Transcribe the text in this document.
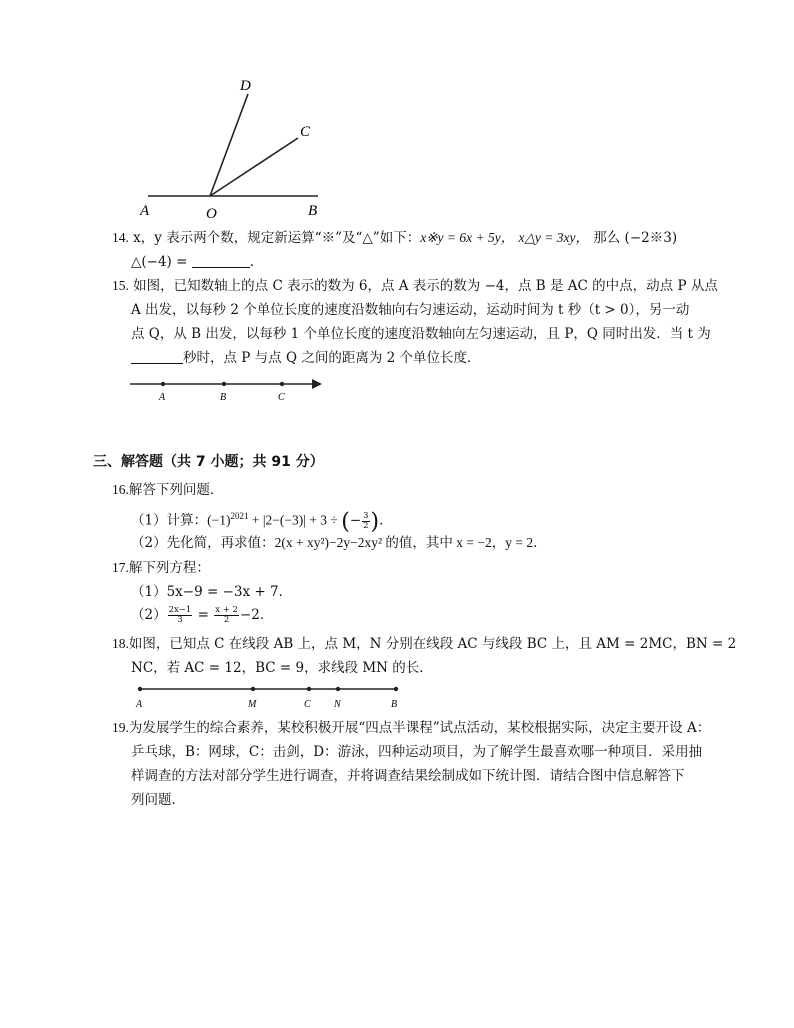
D
C
A	O	B
14. x，y 表示两个数，规定新运算“※”及“△”如下：x※y = 6x + 5y， x△y = 3xy， 那么 (−2※3)
△(−4) =	.
15. 如图，已知数轴上的点 C 表示的数为 6，点 A 表示的数为 −4，点 B 是 AC 的中点，动点 P 从点
A 出发，以每秒 2 个单位长度的速度沿数轴向右匀速运动，运动时间为 t 秒（t > 0），另一动
点 Q，从 B 出发，以每秒 1 个单位长度的速度沿数轴向左匀速运动，且 P，Q 同时出发．当 t 为
秒时，点 P 与点 Q 之间的距离为 2 个单位长度．
A	B	C
三、解答题（共 7 小题；共 91 分）
16.解答下列问题．
（1）计算：$(-1)^{2021} + |2-(-3)| + 3$ ÷ (− $\frac{3}{2}$ )．
（2）先化简，再求值：2(x + xy²)−2y−2xy² 的值，其中 x = −2，y = 2．
17.解下列方程：
（1）5x−9 = −3x + 7．
$(2) \frac{2x-1}{3} = \frac{x + 2}{2} -2$．
18.如图，已知点 C 在线段 AB 上，点 M，N 分别在线段 AC 与线段 BC 上，且 AM = 2MC，BN = 2
NC，若 AC = 12，BC = 9，求线段 MN 的长．
A	M	C N	B
19.为发展学生的综合素养，某校积极开展“四点半课程”试点活动，某校根据实际，决定主要开设 A：
乒乓球，B：网球，C：击剑，D：游泳，四种运动项目，为了解学生最喜欢哪一种项目．采用抽
样调查的方法对部分学生进行调查，并将调查结果绘制成如下统计图．请结合图中信息解答下
列问题．
